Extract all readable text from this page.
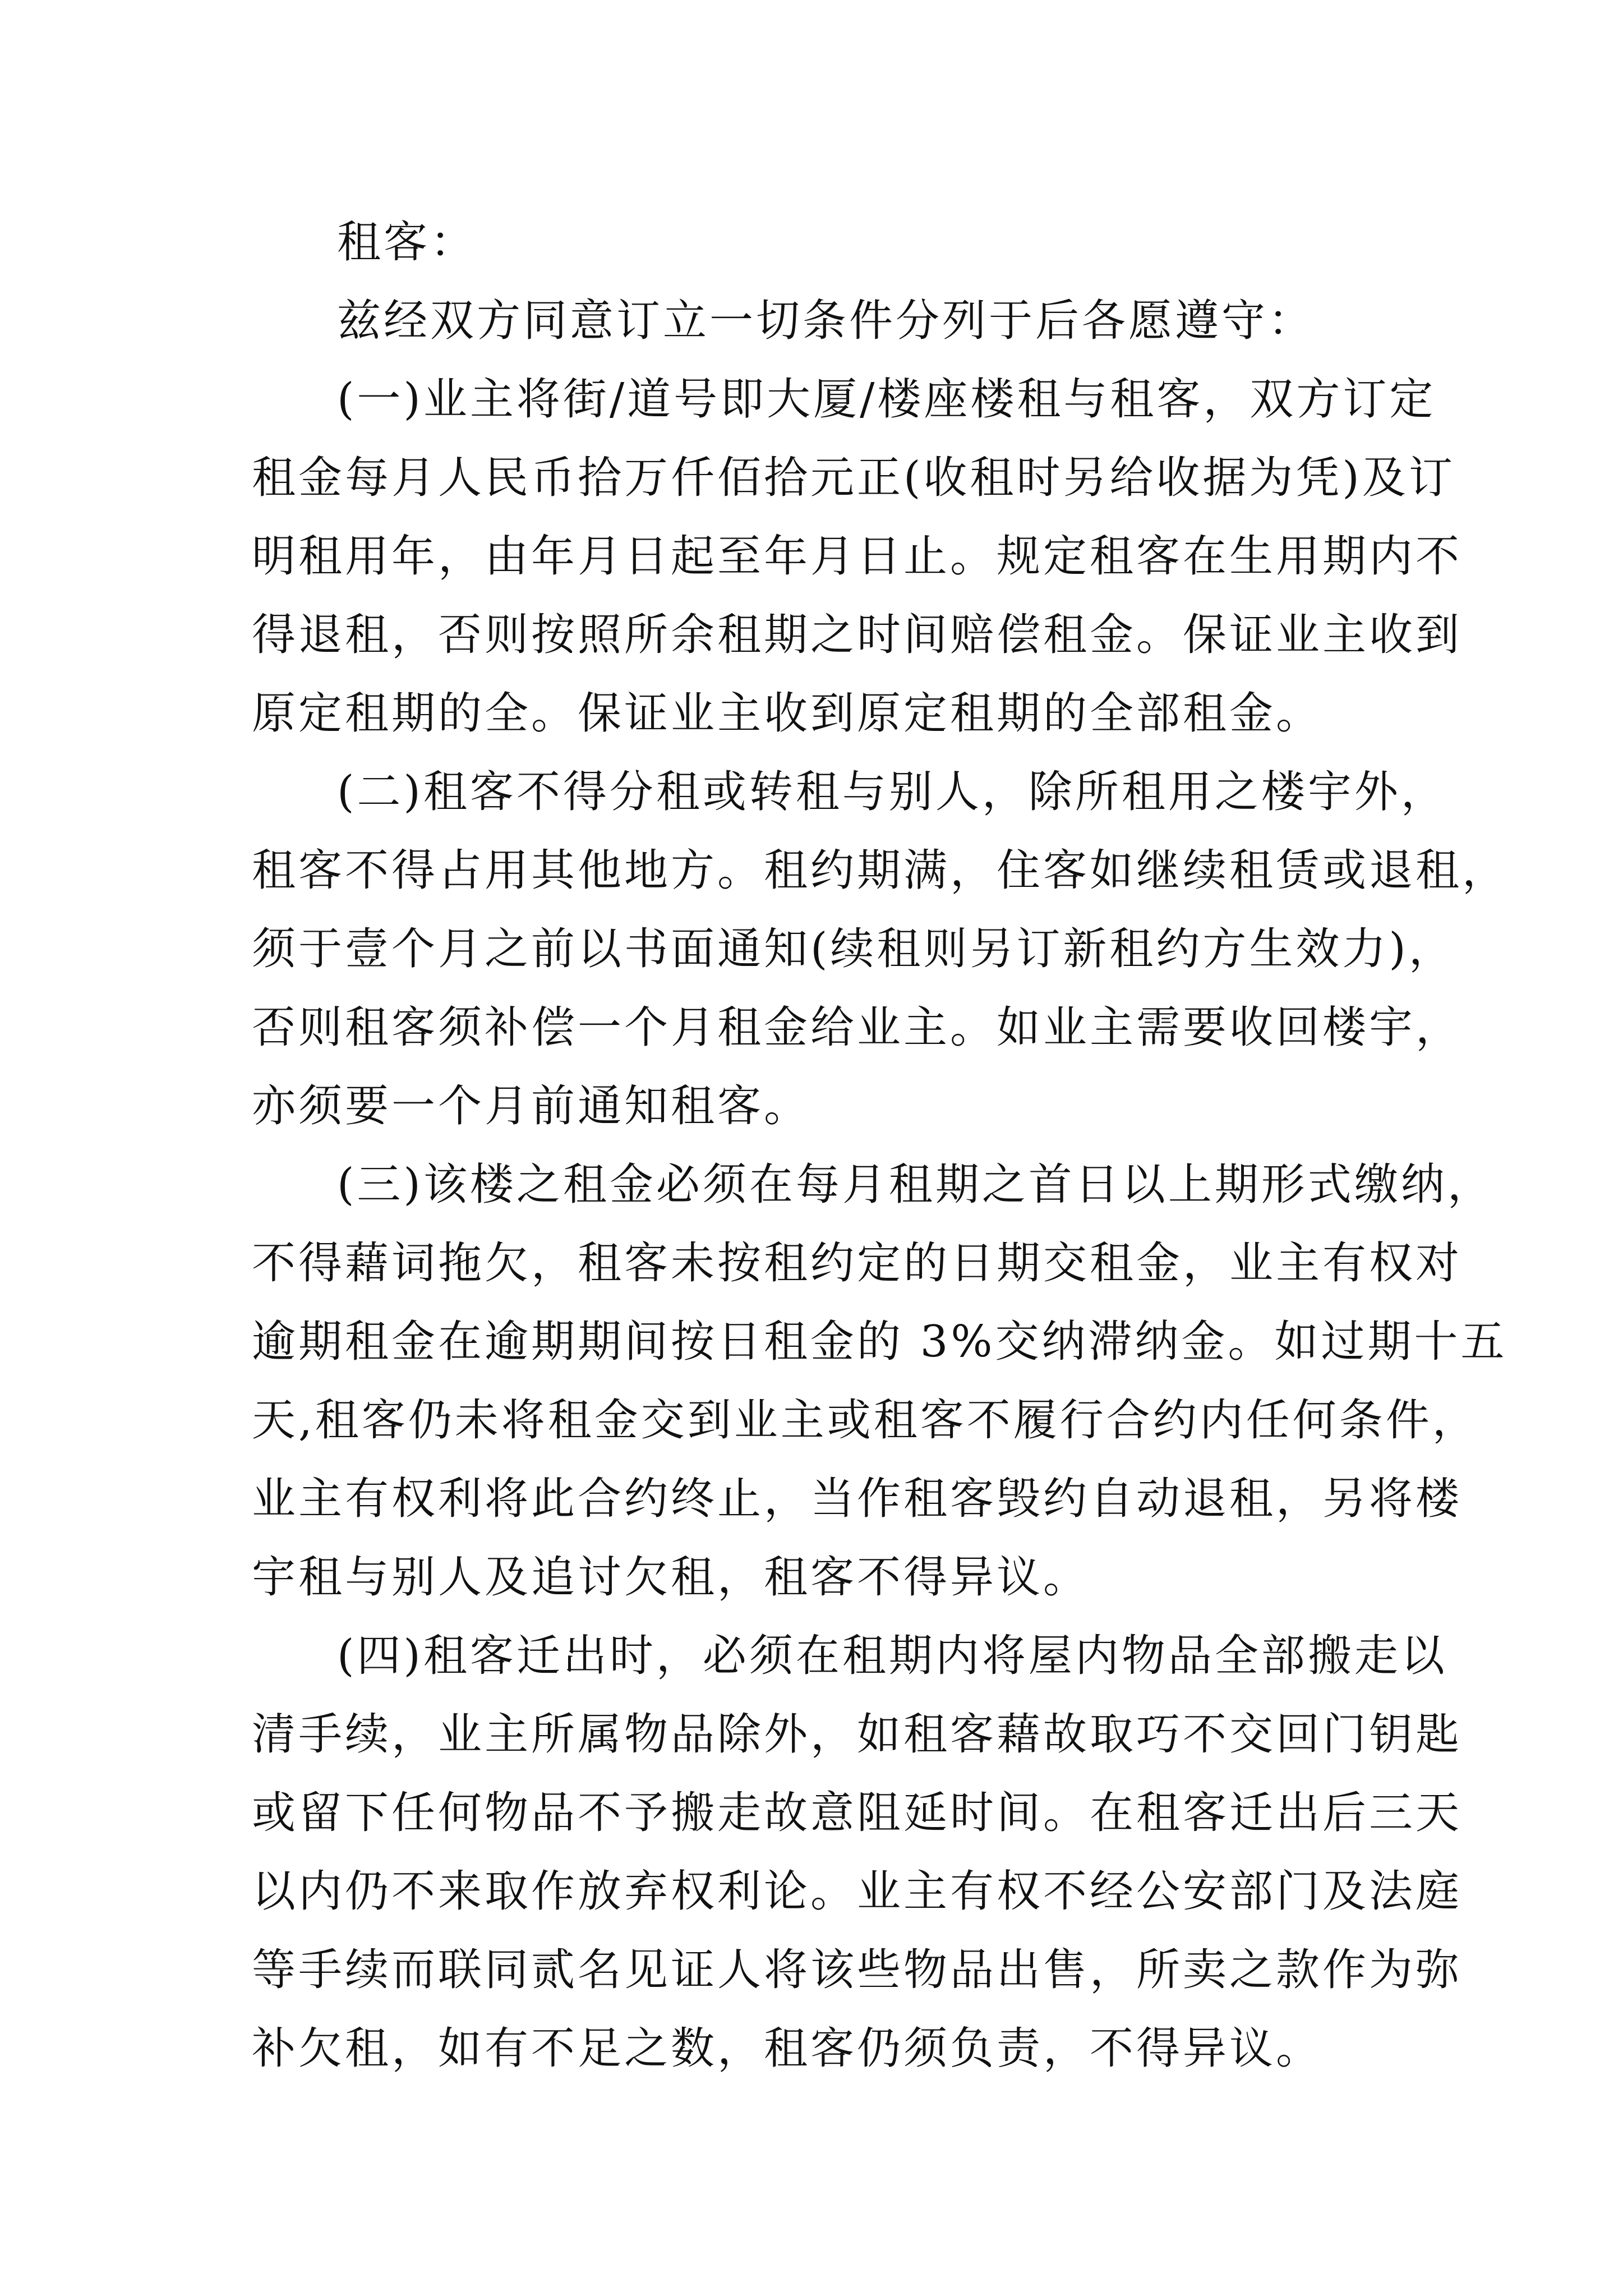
租客：
兹经双方同意订立一切条件分列于后各愿遵守：
(一)业主将街/道号即大厦/楼座楼租与租客，双方订定
租金每月人民币拾万仟佰拾元正(收租时另给收据为凭)及订
明租用年，由年月日起至年月日止。规定租客在生用期内不
得退租，否则按照所余租期之时间赔偿租金。保证业主收到
原定租期的全。保证业主收到原定租期的全部租金。
(二)租客不得分租或转租与别人，除所租用之楼宇外，
租客不得占用其他地方。租约期满，住客如继续租赁或退租，
须于壹个月之前以书面通知(续租则另订新租约方生效力)，
否则租客须补偿一个月租金给业主。如业主需要收回楼宇，
亦须要一个月前通知租客。
(三)该楼之租金必须在每月租期之首日以上期形式缴纳，
不得藉词拖欠，租客未按租约定的日期交租金，业主有权对
逾期租金在逾期期间按日租金的 3%交纳滞纳金。如过期十五
天,租客仍未将租金交到业主或租客不履行合约内任何条件，
业主有权利将此合约终止，当作租客毁约自动退租，另将楼
宇租与别人及追讨欠租，租客不得异议。
(四)租客迁出时，必须在租期内将屋内物品全部搬走以
清手续，业主所属物品除外，如租客藉故取巧不交回门钥匙
或留下任何物品不予搬走故意阻延时间。在租客迁出后三天
以内仍不来取作放弃权利论。业主有权不经公安部门及法庭
等手续而联同贰名见证人将该些物品出售，所卖之款作为弥
补欠租，如有不足之数，租客仍须负责，不得异议。
